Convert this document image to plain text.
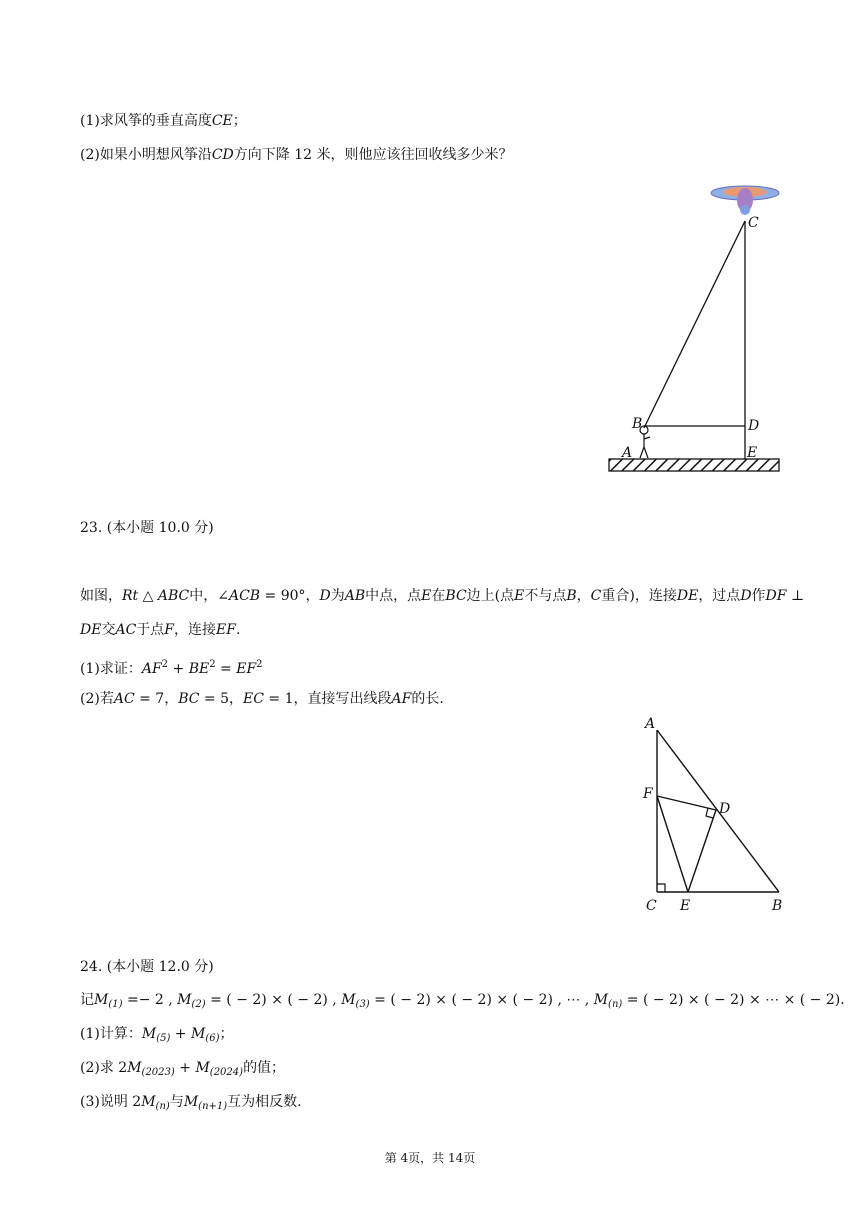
(1)求风筝的垂直高度CE；
(2)如果小明想风筝沿CD方向下降 12 米，则他应该往回收线多少米？
C
B	D
A	E
23. (本小题 10.0 分)
如图，Rt △ ABC中，∠ACB = 90°，D为AB中点，点E在BC边上(点E不与点B，C重合)，连接DE，过点D作DF ⊥
DE交AC于点F，连接EF.
(1)求证：$AF^2 + BE^2 = EF^2$
(2)若AC = 7，BC = 5，EC = 1，直接写出线段AF的长.
A
F
D
C E	B
24. (本小题 12.0 分)
记$M_{(1)} =- 2$ , $M_{(2)}$ = ( − 2) × ( − 2) , $M_{(3)}$ = ( − 2) × ( − 2) × ( − 2) , ⋯ , $M_{(n)}$ = ( − 2) × ( − 2) × ⋯ × ( − 2).
(1)计算：$M_{(5)} + M_{(6)}$；
(2)求 $2M_{(2023)} + M_{(2024)}$的值；
(3)说明 $2M_{(n)}$与$M_{(n+1)}$互为相反数.
第 4页，共 14页
